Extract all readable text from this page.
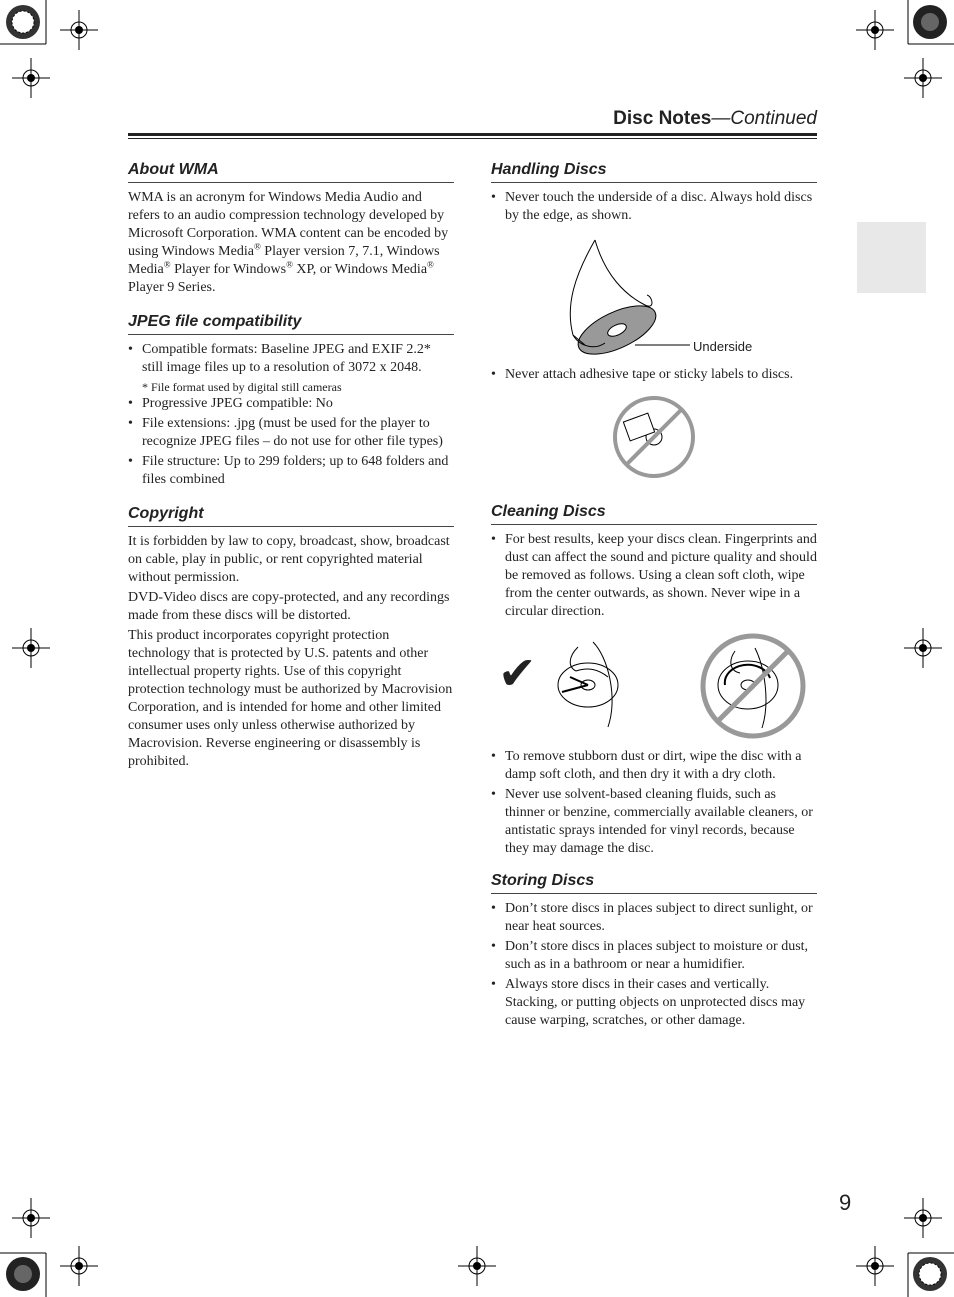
Disc Notes—Continued
About WMA

WMA is an acronym for Windows Media Audio and refers to an audio compression technology developed by Microsoft Corporation. WMA content can be encoded by using Windows Media® Player version 7, 7.1, Windows Media® Player for Windows® XP, or Windows Media® Player 9 Series.

JPEG file compatibility
• Compatible formats: Baseline JPEG and EXIF 2.2* still image files up to a resolution of 3072 x 2048.
* File format used by digital still cameras
• Progressive JPEG compatible: No
• File extensions: .jpg (must be used for the player to recognize JPEG files – do not use for other file types)
• File structure: Up to 299 folders; up to 648 folders and files combined
Copyright

It is forbidden by law to copy, broadcast, show, broadcast on cable, play in public, or rent copyrighted material without permission.

DVD-Video discs are copy-protected, and any recordings made from these discs will be distorted.

This product incorporates copyright protection technology that is protected by U.S. patents and other intellectual property rights. Use of this copyright protection technology must be authorized by Macrovision Corporation, and is intended for home and other limited consumer uses only unless otherwise authorized by Macrovision. Reverse engineering or disassembly is prohibited.

Handling Discs
• Never touch the underside of a disc. Always hold discs by the edge, as shown.
Underside
• Never attach adhesive tape or sticky labels to discs.
Cleaning Discs
• For best results, keep your discs clean. Fingerprints and dust can affect the sound and picture quality and should be removed as follows. Using a clean soft cloth, wipe from the center outwards, as shown. Never wipe in a circular direction.
✔
• To remove stubborn dust or dirt, wipe the disc with a damp soft cloth, and then dry it with a dry cloth.
• Never use solvent-based cleaning fluids, such as thinner or benzine, commercially available cleaners, or antistatic sprays intended for vinyl records, because they may damage the disc.
Storing Discs
• Don’t store discs in places subject to direct sunlight, or near heat sources.
• Don’t store discs in places subject to moisture or dust, such as in a bathroom or near a humidifier.
• Always store discs in their cases and vertically. Stacking, or putting objects on unprotected discs may cause warping, scratches, or other damage.
9
